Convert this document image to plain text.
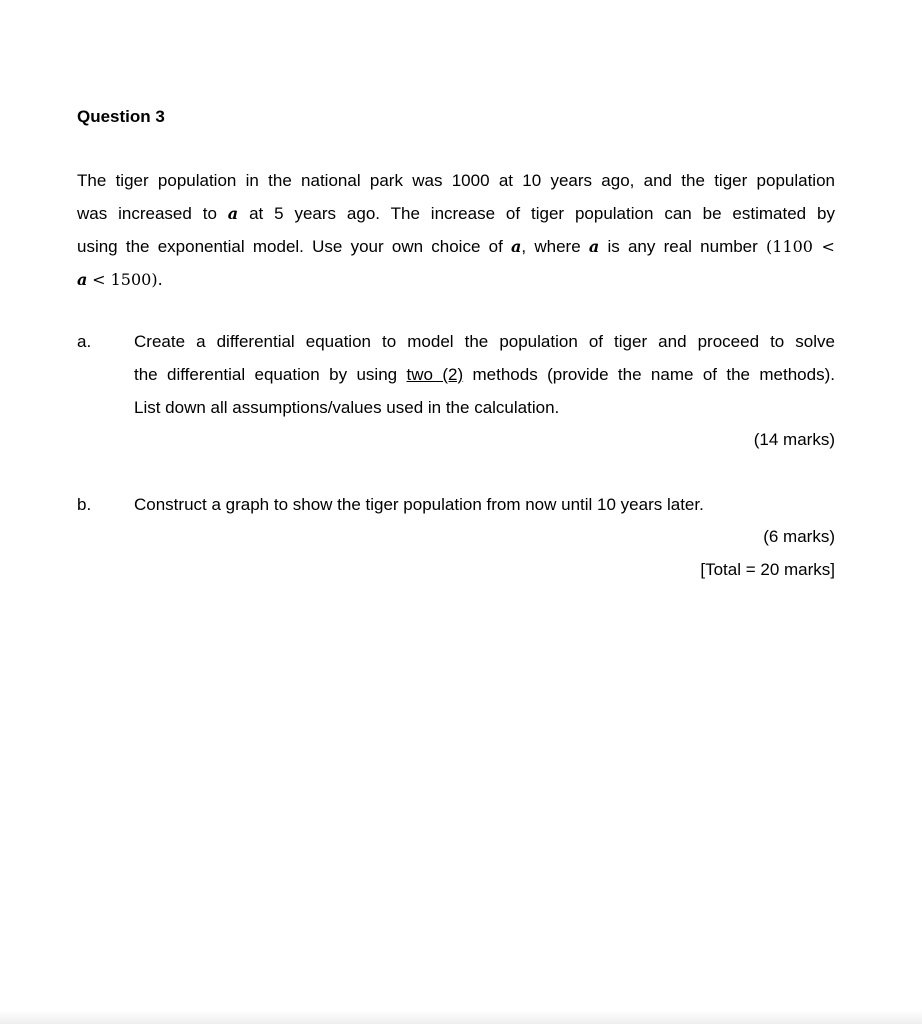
Question 3
The tiger population in the national park was 1000 at 10 years ago, and the tiger population
was increased to a at 5 years ago. The increase of tiger population can be estimated by
using the exponential model. Use your own choice of a, where a is any real number (1100 <
a < 1500).
a.	Create a differential equation to model the population of tiger and proceed to solve
the differential equation by using two (2) methods (provide the name of the methods).
List down all assumptions/values used in the calculation.
(14 marks)
b.	Construct a graph to show the tiger population from now until 10 years later.
(6 marks)
[Total = 20 marks]
